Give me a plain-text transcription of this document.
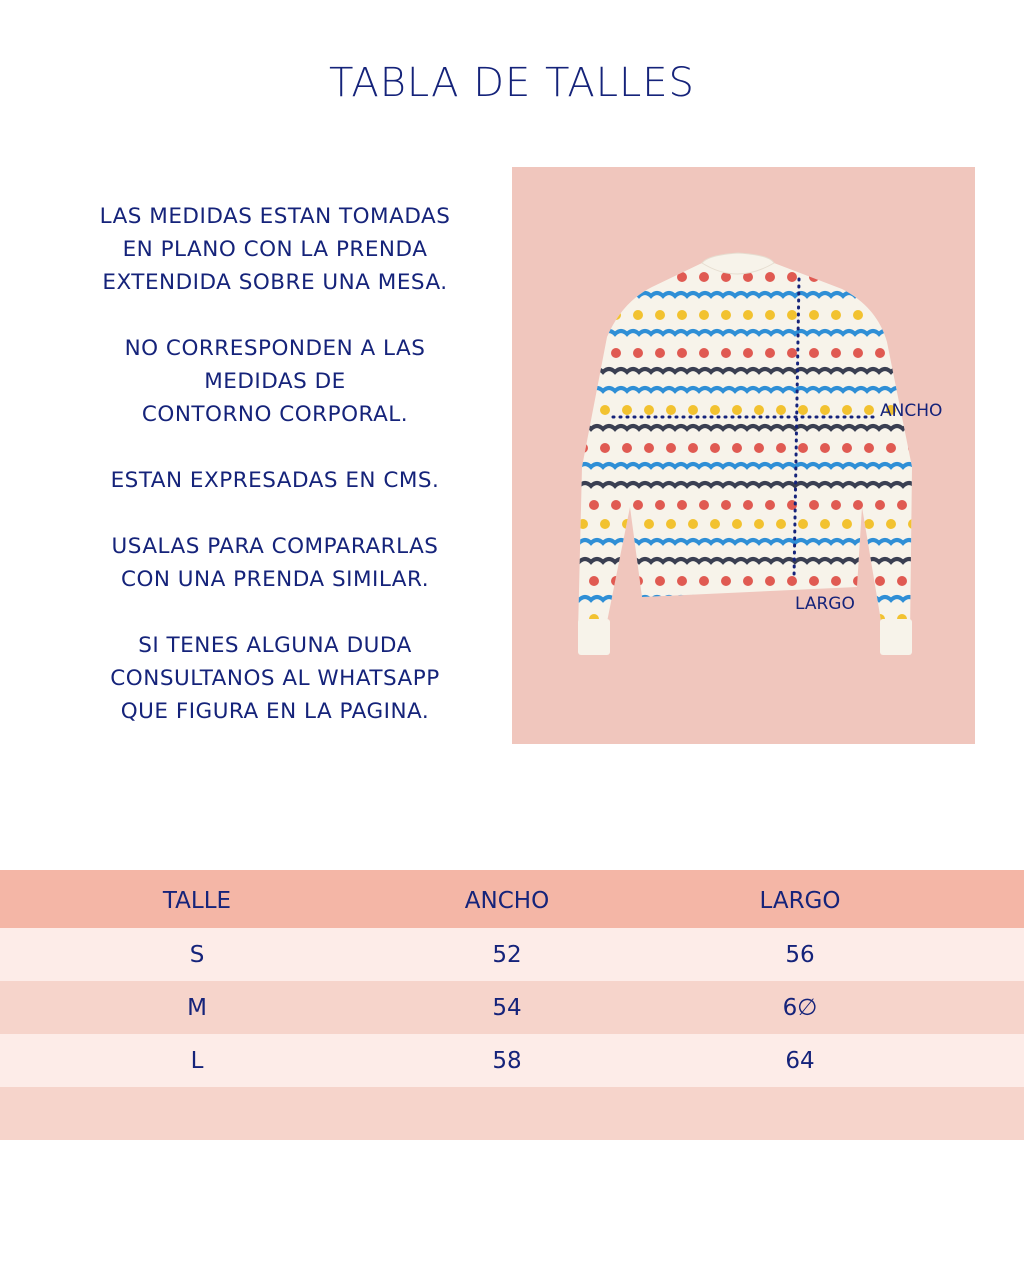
TABLA DE TALLES

LAS MEDIDAS ESTAN TOMADAS
EN PLANO CON LA PRENDA
EXTENDIDA SOBRE UNA MESA.

NO CORRESPONDEN A LAS
MEDIDAS DE
CONTORNO CORPORAL.

ESTAN EXPRESADAS EN CMS.

USALAS PARA COMPARARLAS
CON UNA PRENDA SIMILAR.

SI TENES ALGUNA DUDA
CONSULTANOS AL WHATSAPP
QUE FIGURA EN LA PAGINA.

ANCHO
LARGO
TALLE	ANCHO	LARGO
S	52	56
M	54	6∅
L	58	64
